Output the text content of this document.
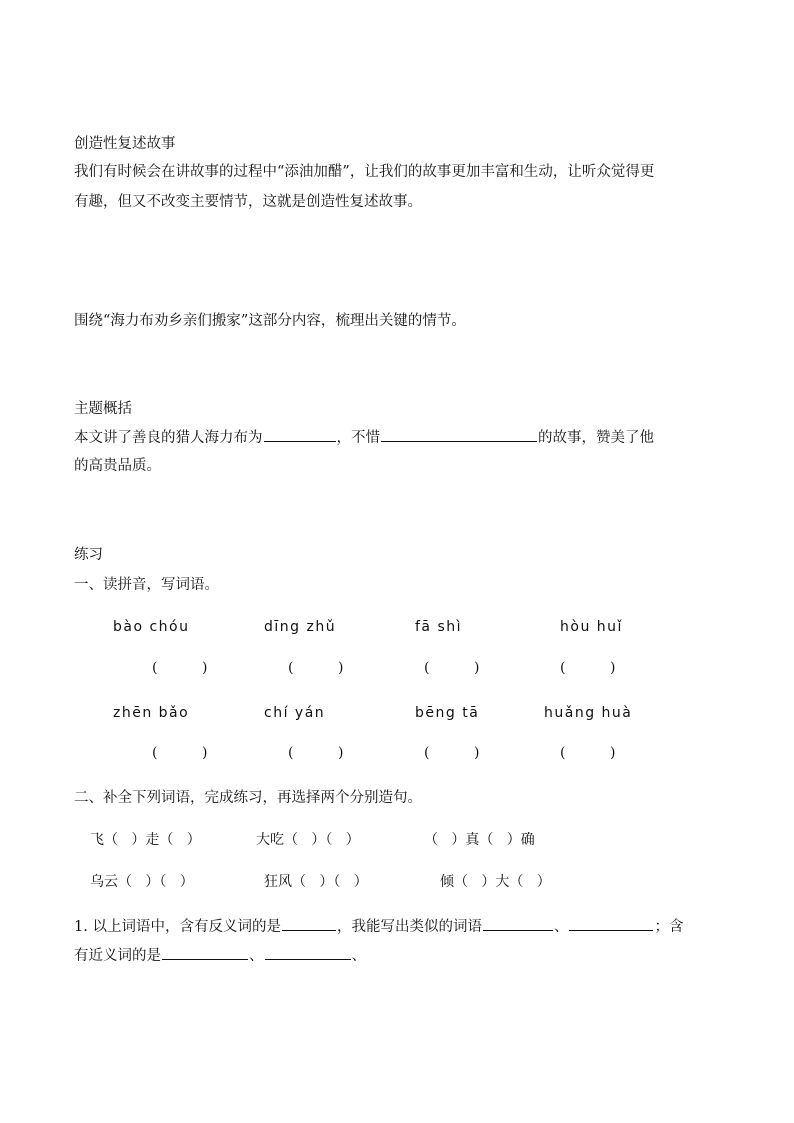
创造性复述故事
我们有时候会在讲故事的过程中“添油加醋”，让我们的故事更加丰富和生动，让听众觉得更
有趣，但又不改变主要情节，这就是创造性复述故事。
围绕“海力布劝乡亲们搬家”这部分内容，梳理出关键的情节。
主题概括
本文讲了善良的猎人海力布为	，不惜	的故事，赞美了他
的高贵品质。
练习
一、读拼音，写词语。
bào chóu	dīng zhǔ	fā shì	hòu huǐ
(          )	(          )	(          )	(          )
zhēn bǎo	chí yán	bēng tā	huǎng huà
(          )	(          )	(          )	(          )
二、补全下列词语，完成练习，再选择两个分别造句。
飞（   ）走（   ）	大吃（   ）（   ）	（   ）真（   ）确
乌云（   ）（   ）	狂风（   ）（   ）	倾（   ）大（   ）
1. 以上词语中，含有反义词的是	，我能写出类似的词语	、	；含
有近义词的是	、	、
